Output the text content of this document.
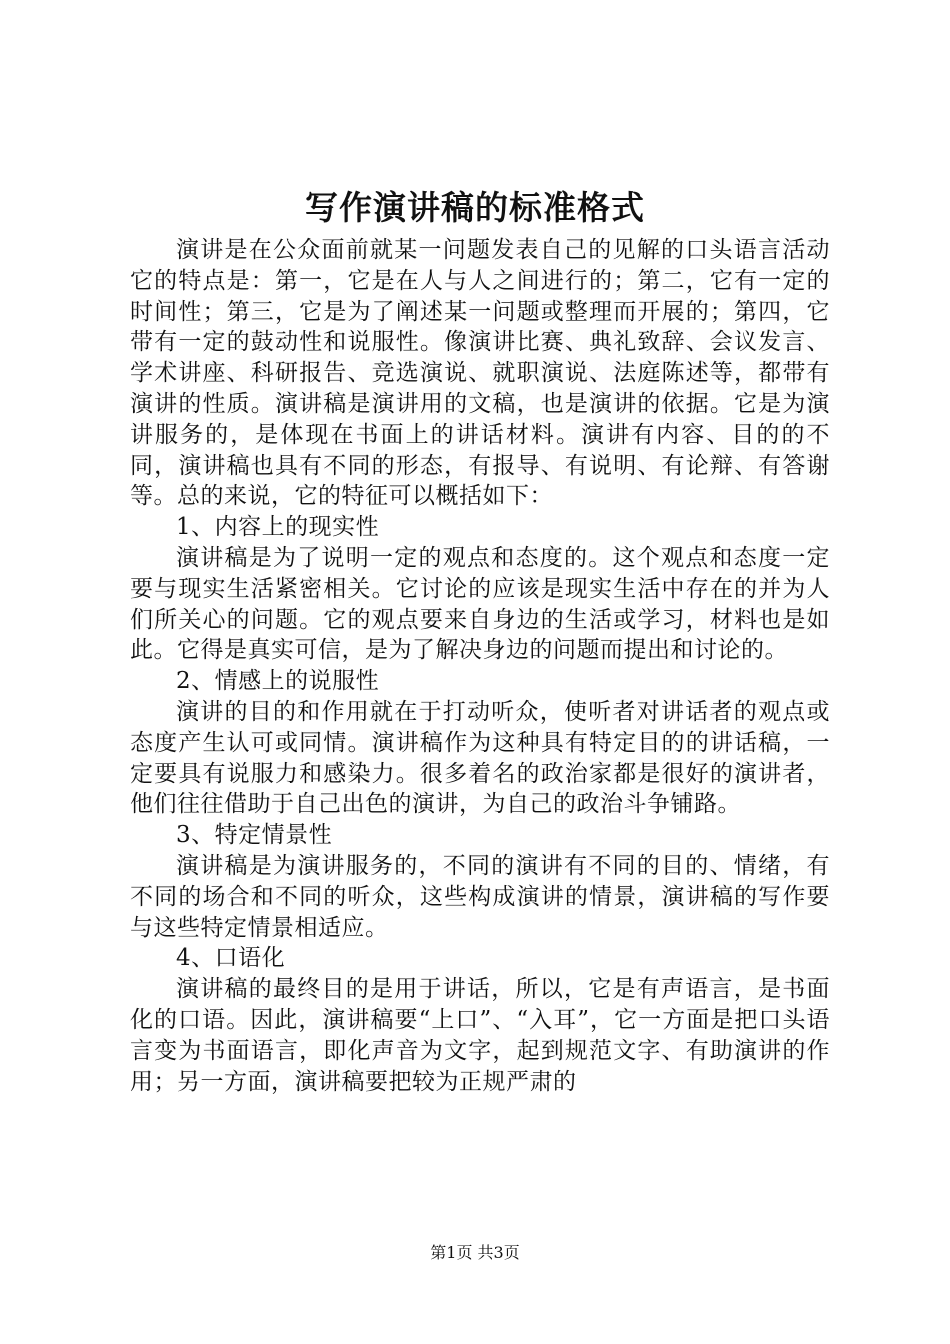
写作演讲稿的标准格式

演讲是在公众面前就某一问题发表自己的见解的口头语言活动它的特点是：第一，它是在人与人之间进行的；第二，它有一定的时间性；第三，它是为了阐述某一问题或整理而开展的；第四，它带有一定的鼓动性和说服性。像演讲比赛、典礼致辞、会议发言、学术讲座、科研报告、竞选演说、就职演说、法庭陈述等，都带有演讲的性质。演讲稿是演讲用的文稿，也是演讲的依据。它是为演讲服务的，是体现在书面上的讲话材料。演讲有内容、目的的不同，演讲稿也具有不同的形态，有报导、有说明、有论辩、有答谢等。总的来说，它的特征可以概括如下：

1、内容上的现实性

演讲稿是为了说明一定的观点和态度的。这个观点和态度一定要与现实生活紧密相关。它讨论的应该是现实生活中存在的并为人们所关心的问题。它的观点要来自身边的生活或学习，材料也是如此。它得是真实可信，是为了解决身边的问题而提出和讨论的。

2、情感上的说服性

演讲的目的和作用就在于打动听众，使听者对讲话者的观点或态度产生认可或同情。演讲稿作为这种具有特定目的的讲话稿，一定要具有说服力和感染力。很多着名的政治家都是很好的演讲者，他们往往借助于自己出色的演讲，为自己的政治斗争铺路。

3、特定情景性

演讲稿是为演讲服务的，不同的演讲有不同的目的、情绪，有不同的场合和不同的听众，这些构成演讲的情景，演讲稿的写作要与这些特定情景相适应。

4、口语化

演讲稿的最终目的是用于讲话，所以，它是有声语言，是书面化的口语。因此，演讲稿要“上口”、“入耳”，它一方面是把口头语言变为书面语言，即化声音为文字，起到规范文字、有助演讲的作用；另一方面，演讲稿要把较为正规严肃的

第1页 共3页
